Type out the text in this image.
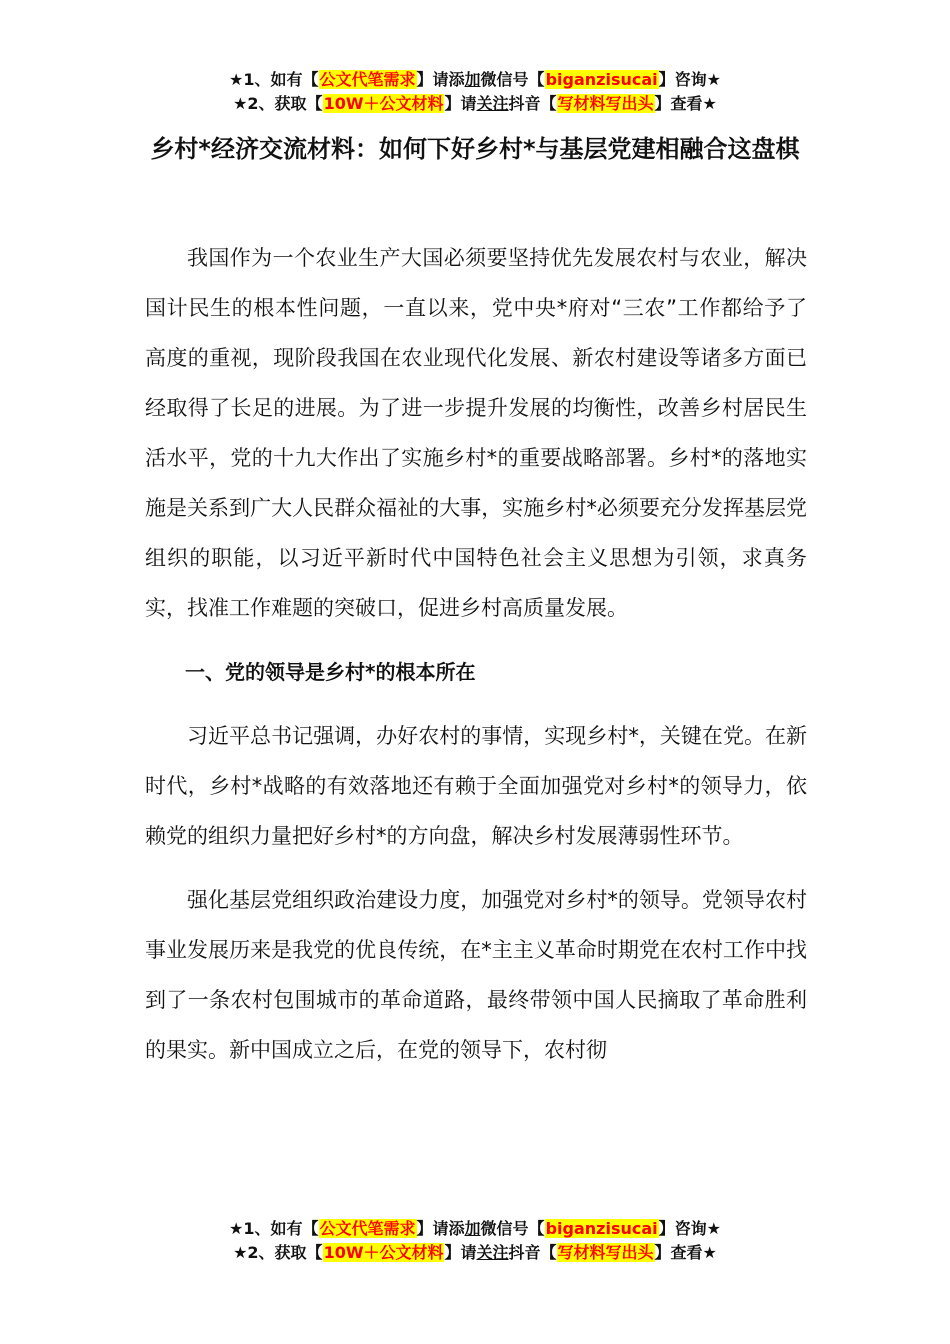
★1、如有【公文代笔需求】请添加微信号【biganzisucai】咨询★
★2、获取【10W＋公文材料】请关注抖音【写材料写出头】查看★
乡村*经济交流材料：如何下好乡村*与基层党建相融合这盘棋

我国作为一个农业生产大国必须要坚持优先发展农村与农业，解决国计民生的根本性问题，一直以来，党中央*府对“三农”工作都给予了高度的重视，现阶段我国在农业现代化发展、新农村建设等诸多方面已经取得了长足的进展。为了进一步提升发展的均衡性，改善乡村居民生活水平，党的十九大作出了实施乡村*的重要战略部署。乡村*的落地实施是关系到广大人民群众福祉的大事，实施乡村*必须要充分发挥基层党组织的职能，以习近平新时代中国特色社会主义思想为引领，求真务实，找准工作难题的突破口，促进乡村高质量发展。

一、党的领导是乡村*的根本所在

习近平总书记强调，办好农村的事情，实现乡村*，关键在党。在新时代，乡村*战略的有效落地还有赖于全面加强党对乡村*的领导力，依赖党的组织力量把好乡村*的方向盘，解决乡村发展薄弱性环节。

强化基层党组织政治建设力度，加强党对乡村*的领导。党领导农村事业发展历来是我党的优良传统，在*主主义革命时期党在农村工作中找到了一条农村包围城市的革命道路，最终带领中国人民摘取了革命胜利的果实。新中国成立之后，在党的领导下，农村彻

★1、如有【公文代笔需求】请添加微信号【biganzisucai】咨询★
★2、获取【10W＋公文材料】请关注抖音【写材料写出头】查看★
